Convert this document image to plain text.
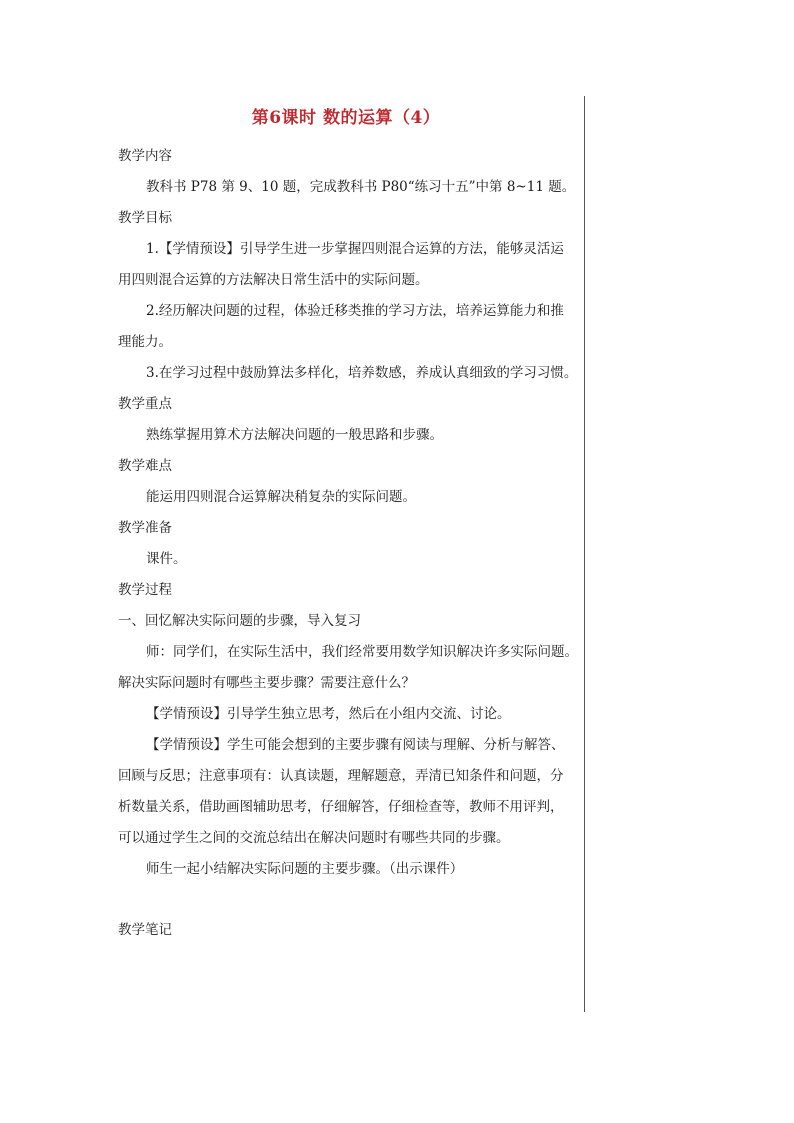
第6课时 数的运算（4）
教学内容
教科书 P78 第 9、10 题，完成教科书 P80“练习十五”中第 8~11 题。
教学目标
1.【学情预设】引导学生进一步掌握四则混合运算的方法，能够灵活运
用四则混合运算的方法解决日常生活中的实际问题。
2.经历解决问题的过程，体验迁移类推的学习方法，培养运算能力和推
理能力。
3.在学习过程中鼓励算法多样化，培养数感，养成认真细致的学习习惯。
教学重点
熟练掌握用算术方法解决问题的一般思路和步骤。
教学难点
能运用四则混合运算解决稍复杂的实际问题。
教学准备
课件。
教学过程
一、回忆解决实际问题的步骤，导入复习
师：同学们，在实际生活中，我们经常要用数学知识解决许多实际问题。
解决实际问题时有哪些主要步骤？需要注意什么？
【学情预设】引导学生独立思考，然后在小组内交流、讨论。
【学情预设】学生可能会想到的主要步骤有阅读与理解、分析与解答、
回顾与反思；注意事项有：认真读题，理解题意，弄清已知条件和问题，分
析数量关系，借助画图辅助思考，仔细解答，仔细检查等，教师不用评判，
可以通过学生之间的交流总结出在解决问题时有哪些共同的步骤。
师生一起小结解决实际问题的主要步骤。（出示课件）
教学笔记
